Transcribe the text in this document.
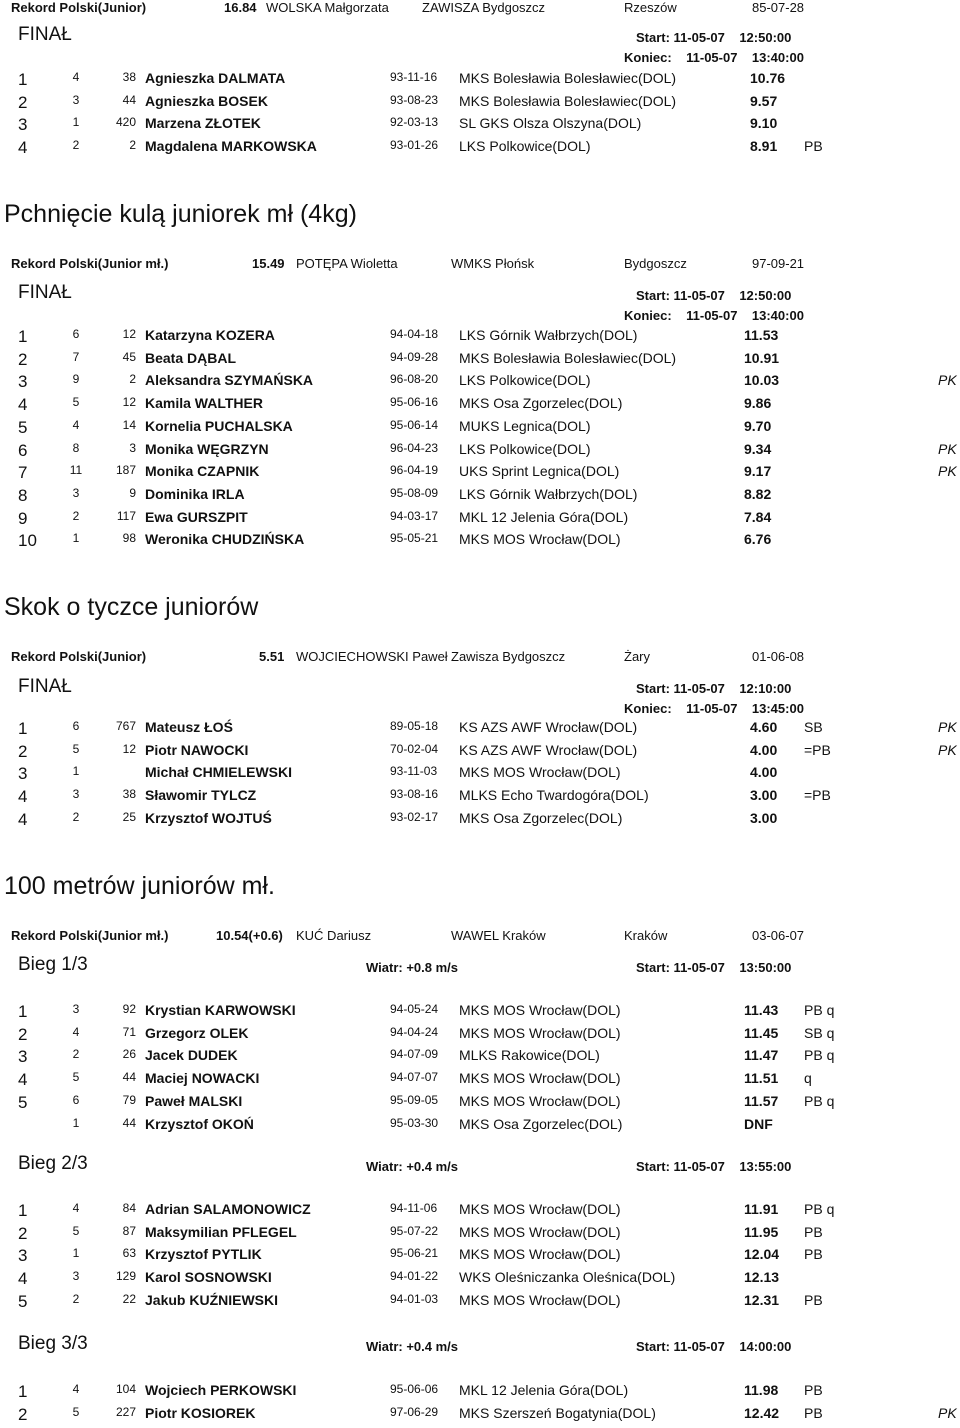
Rekord Polski(Junior)	16.84 WOLSKA Małgorzata	ZAWISZA Bydgoszcz	Rzeszów	85-07-28
FINAŁ	Start: 11-05-07    12:50:00
Koniec:    11-05-07    13:40:00
1	4	38 Agnieszka DALMATA	93-11-16 MKS Bolesławia Bolesławiec(DOL)	10.76
2	3	44 Agnieszka BOSEK	93-08-23 MKS Bolesławia Bolesławiec(DOL)	9.57
3	1	420 Marzena ZŁOTEK	92-03-13 SL GKS Olsza Olszyna(DOL)	9.10
4	2	2 Magdalena MARKOWSKA	93-01-26 LKS Polkowice(DOL)	8.91	PB
Pchnięcie kulą juniorek mł (4kg)
Rekord Polski(Junior mł.)	15.49 POTĘPA Wioletta	WMKS Płońsk	Bydgoszcz	97-09-21
FINAŁ	Start: 11-05-07    12:50:00
Koniec:    11-05-07    13:40:00
1	6	12 Katarzyna KOZERA	94-04-18 LKS Górnik Wałbrzych(DOL)	11.53
2	7	45 Beata DĄBAL	94-09-28 MKS Bolesławia Bolesławiec(DOL)	10.91
3	9	2 Aleksandra SZYMAŃSKA	96-08-20 LKS Polkowice(DOL)	10.03	PK
4	5	12 Kamila WALTHER	95-06-16 MKS Osa Zgorzelec(DOL)	9.86
5	4	14 Kornelia PUCHALSKA	95-06-14 MUKS Legnica(DOL)	9.70
6	8	3 Monika WĘGRZYN	96-04-23 LKS Polkowice(DOL)	9.34	PK
7	11	187 Monika CZAPNIK	96-04-19 UKS Sprint Legnica(DOL)	9.17	PK
8	3	9 Dominika IRLA	95-08-09 LKS Górnik Wałbrzych(DOL)	8.82
9	2	117 Ewa GURSZPIT	94-03-17 MKL 12 Jelenia Góra(DOL)	7.84
10	1	98 Weronika CHUDZIŃSKA	95-05-21 MKS MOS Wrocław(DOL)	6.76
Skok o tyczce juniorów
Rekord Polski(Junior)	5.51 WOJCIECHOWSKI Paweł Zawisza Bydgoszcz	Żary	01-06-08
FINAŁ	Start: 11-05-07    12:10:00
Koniec:    11-05-07    13:45:00
1	6	767 Mateusz ŁOŚ	89-05-18 KS AZS AWF Wrocław(DOL)	4.60	SB	PK
2	5	12 Piotr NAWOCKI	70-02-04 KS AZS AWF Wrocław(DOL)	4.00	=PB	PK
3	1	Michał CHMIELEWSKI	93-11-03 MKS MOS Wrocław(DOL)	4.00
4	3	38 Sławomir TYLCZ	93-08-16 MLKS Echo Twardogóra(DOL)	3.00	=PB
4	2	25 Krzysztof WOJTUŚ	93-02-17 MKS Osa Zgorzelec(DOL)	3.00
100 metrów juniorów mł.
Rekord Polski(Junior mł.)	10.54(+0.6) KUĆ Dariusz	WAWEL Kraków	Kraków	03-06-07
Bieg 1/3	Wiatr: +0.8 m/s	Start: 11-05-07    13:50:00
1	3	92 Krystian KARWOWSKI	94-05-24 MKS MOS Wrocław(DOL)	11.43	PB q
2	4	71 Grzegorz OLEK	94-04-24 MKS MOS Wrocław(DOL)	11.45	SB q
3	2	26 Jacek DUDEK	94-07-09 MLKS Rakowice(DOL)	11.47	PB q
4	5	44 Maciej NOWACKI	94-07-07 MKS MOS Wrocław(DOL)	11.51	q
5	6	79 Paweł MALSKI	95-09-05 MKS MOS Wrocław(DOL)	11.57	PB q
1	44 Krzysztof OKOŃ	95-03-30 MKS Osa Zgorzelec(DOL)	DNF
Bieg 2/3	Wiatr: +0.4 m/s	Start: 11-05-07    13:55:00
1	4	84 Adrian SALAMONOWICZ	94-11-06 MKS MOS Wrocław(DOL)	11.91	PB q
2	5	87 Maksymilian PFLEGEL	95-07-22 MKS MOS Wrocław(DOL)	11.95	PB
3	1	63 Krzysztof PYTLIK	95-06-21 MKS MOS Wrocław(DOL)	12.04	PB
4	3	129 Karol SOSNOWSKI	94-01-22 WKS Oleśniczanka Oleśnica(DOL)	12.13
5	2	22 Jakub KUŹNIEWSKI	94-01-03 MKS MOS Wrocław(DOL)	12.31	PB
Bieg 3/3	Wiatr: +0.4 m/s	Start: 11-05-07    14:00:00
1	4	104 Wojciech PERKOWSKI	95-06-06 MKL 12 Jelenia Góra(DOL)	11.98	PB
2	5	227 Piotr KOSIOREK	97-06-29 MKS Szerszeń Bogatynia(DOL)	12.42	PB	PK
